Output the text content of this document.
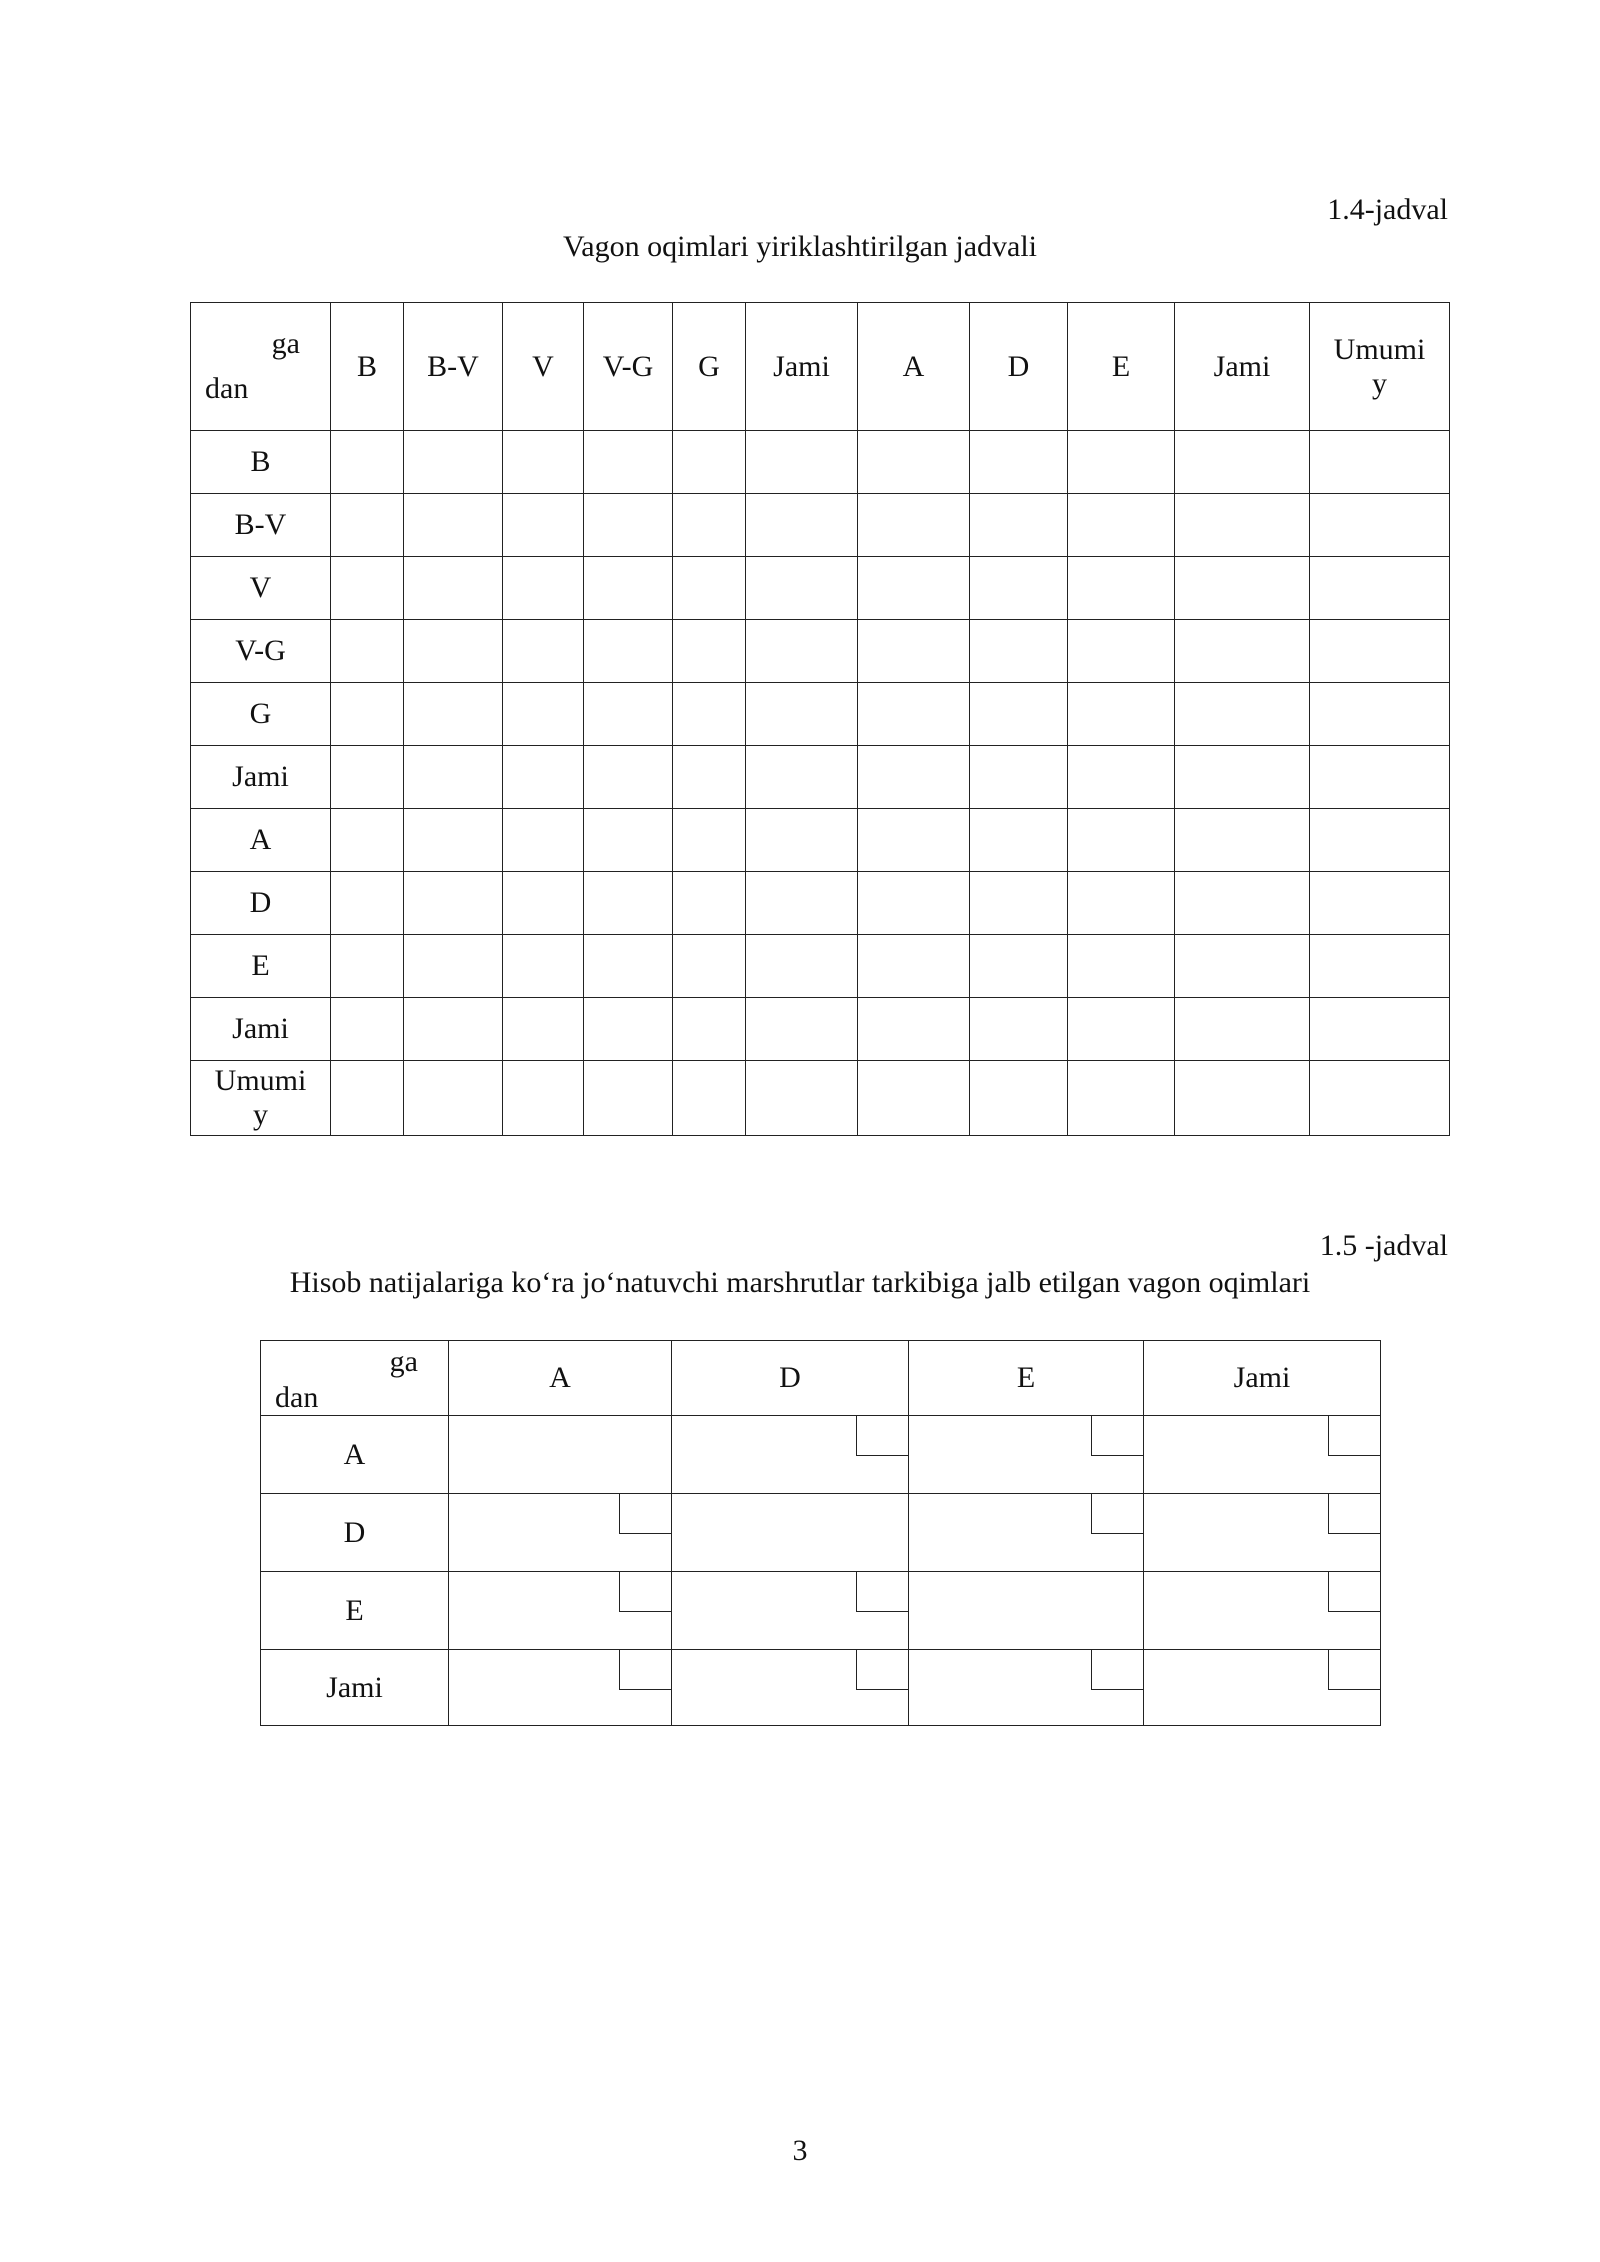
1.4-jadval
Vagon oqimlari yiriklashtirilgan jadvali
ga
dan	B	B-V	V	V-G	G	Jami	A	D	E	Jami	Umumiy
B											
B-V											
V											
V-G											
G											
Jami											
A											
D											
E											
Jami											
Umumiy											
1.5 -jadval
Hisob natijalariga ko‘ra jo‘natuvchi marshrutlar tarkibiga jalb etilgan vagon oqimlari
ga
dan	A	D	E	Jami
A		

D	

E	

Jami	

3
